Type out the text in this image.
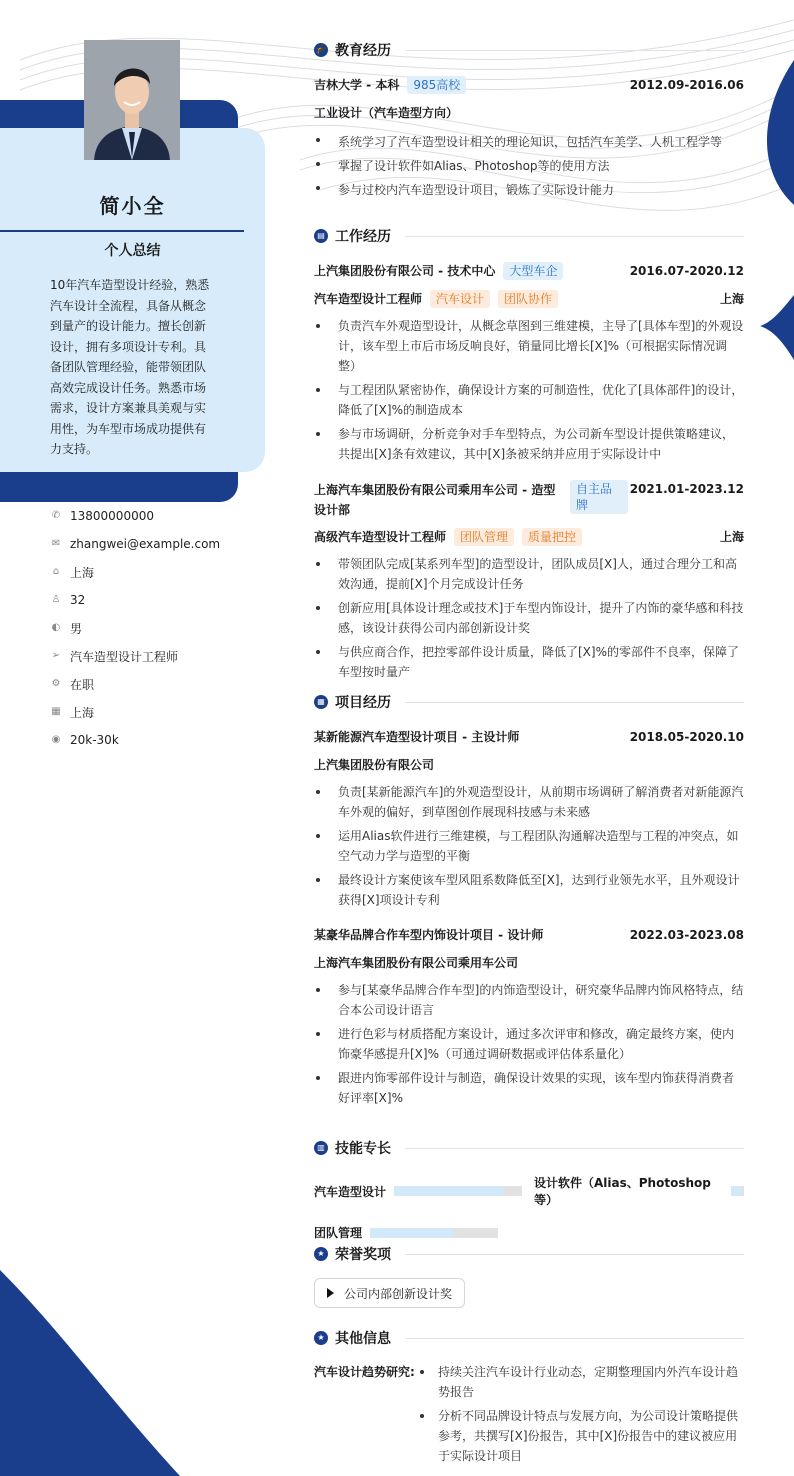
简小全
个人总结
10年汽车造型设计经验，熟悉汽车设计全流程，具备从概念到量产的设计能力。擅长创新设计，拥有多项设计专利。具备团队管理经验，能带领团队高效完成设计任务。熟悉市场需求，设计方案兼具美观与实用性，为车型市场成功提供有力支持。
✆ 13800000000
✉ zhangwei@example.com
⌂ 上海
♙ 32
◐ 男
➢ 汽车造型设计工程师
⚙ 在职
▦ 上海
◉ 20k-30k
🎓 教育经历
吉林大学 - 本科 985高校	2012.09-2016.06
工业设计（汽车造型方向）
系统学习了汽车造型设计相关的理论知识，包括汽车美学、人机工程学等
掌握了设计软件如Alias、Photoshop等的使用方法
参与过校内汽车造型设计项目，锻炼了实际设计能力
▤ 工作经历
上汽集团股份有限公司 - 技术中心 大型车企	2016.07-2020.12
汽车造型设计工程师 汽车设计 团队协作	上海
负责汽车外观造型设计，从概念草图到三维建模，主导了[具体车型]的外观设计，该车型上市后市场反响良好，销量同比增长[X]%（可根据实际情况调整）
与工程团队紧密协作，确保设计方案的可制造性，优化了[具体部件]的设计，降低了[X]%的制造成本
参与市场调研，分析竞争对手车型特点，为公司新车型设计提供策略建议，共提出[X]条有效建议，其中[X]条被采纳并应用于实际设计中
上海汽车集团股份有限公司乘用车公司 - 造型设计部
自主品牌
2021.01-2023.12
高级汽车造型设计工程师 团队管理 质量把控	上海
带领团队完成[某系列车型]的造型设计，团队成员[X]人，通过合理分工和高效沟通，提前[X]个月完成设计任务
创新应用[具体设计理念或技术]于车型内饰设计，提升了内饰的豪华感和科技感，该设计获得公司内部创新设计奖
与供应商合作，把控零部件设计质量，降低了[X]%的零部件不良率，保障了车型按时量产
▦ 项目经历
某新能源汽车造型设计项目 - 主设计师	2018.05-2020.10
上汽集团股份有限公司
负责[某新能源汽车]的外观造型设计，从前期市场调研了解消费者对新能源汽车外观的偏好，到草图创作展现科技感与未来感
运用Alias软件进行三维建模，与工程团队沟通解决造型与工程的冲突点，如空气动力学与造型的平衡
最终设计方案使该车型风阻系数降低至[X]，达到行业领先水平，且外观设计获得[X]项设计专利
某豪华品牌合作车型内饰设计项目 - 设计师	2022.03-2023.08
上海汽车集团股份有限公司乘用车公司
参与[某豪华品牌合作车型]的内饰造型设计，研究豪华品牌内饰风格特点，结合本公司设计语言
进行色彩与材质搭配方案设计，通过多次评审和修改，确定最终方案，使内饰豪华感提升[X]%（可通过调研数据或评估体系量化）
跟进内饰零部件设计与制造，确保设计效果的实现，该车型内饰获得消费者好评率[X]%
▥ 技能专长
汽车造型设计
设计软件（Alias、Photoshop等）
团队管理
★ 荣誉奖项
公司内部创新设计奖
★ 其他信息
汽车设计趋势研究:	持续关注汽车设计行业动态，定期整理国内外汽车设计趋势报告
分析不同品牌设计特点与发展方向，为公司设计策略提供参考，共撰写[X]份报告，其中[X]份报告中的建议被应用于实际设计项目
